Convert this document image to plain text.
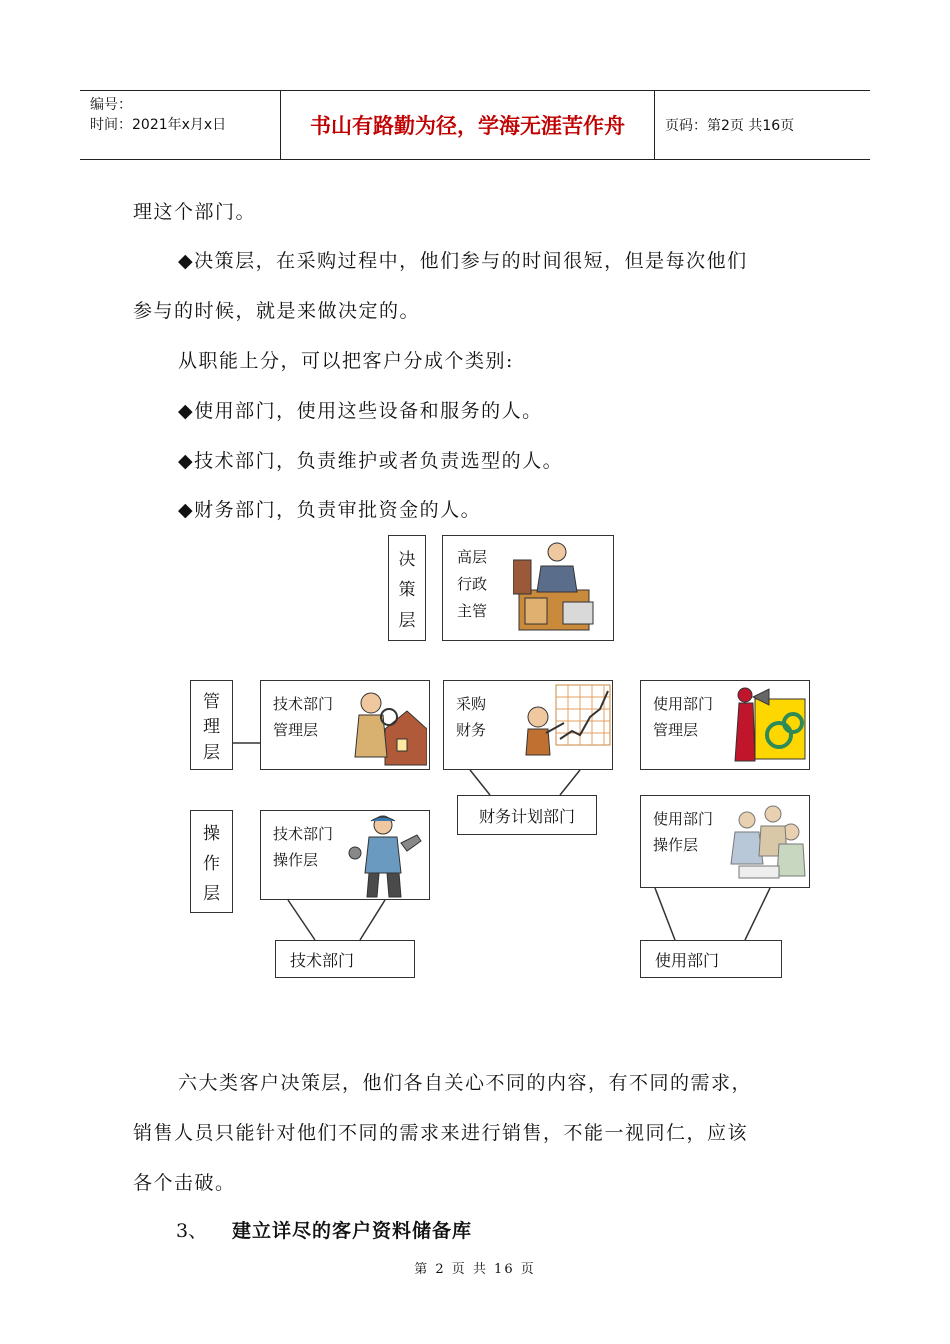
编号：
时间：2021年x月x日	书山有路勤为径，学海无涯苦作舟	页码：第2页 共16页
理这个部门。
◆决策层，在采购过程中，他们参与的时间很短，但是每次他们
参与的时候，就是来做决定的。
从职能上分，可以把客户分成个类别:
◆使用部门，使用这些设备和服务的人。
◆技术部门，负责维护或者负责选型的人。
◆财务部门，负责审批资金的人。
决
策
层
高层
行政
主管
管
理
层
技术部门
管理层
采购
财务
使用部门
管理层
财务计划部门
操
作
层
技术部门
操作层
使用部门
操作层
技术部门	使用部门
六大类客户决策层，他们各自关心不同的内容，有不同的需求，
销售人员只能针对他们不同的需求来进行销售，不能一视同仁，应该
各个击破。
3、 建立详尽的客户资料储备库
第 2 页 共 16 页
